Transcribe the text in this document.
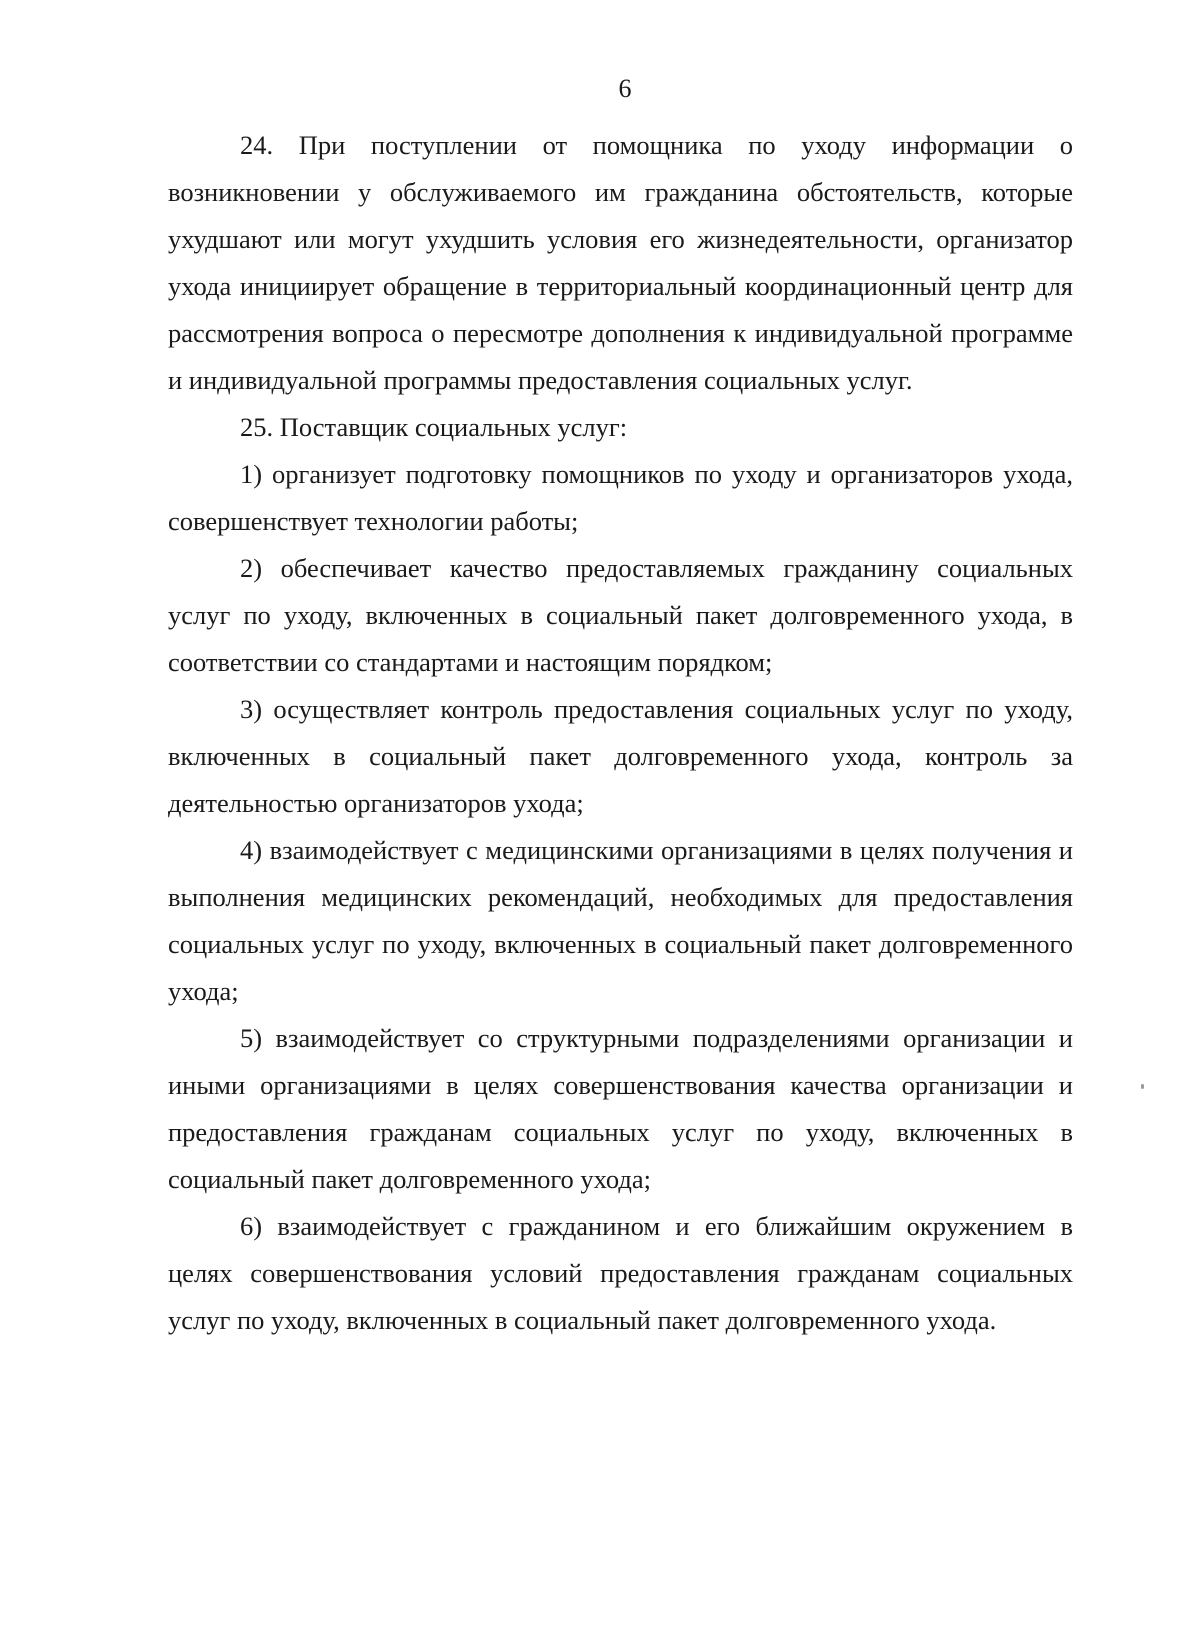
6

24. При поступлении от помощника по уходу информации о возникновении у обслуживаемого им гражданина обстоятельств, которые ухудшают или могут ухудшить условия его жизнедеятельности, организатор ухода инициирует обращение в территориальный координационный центр для рассмотрения вопроса о пересмотре дополнения к индивидуальной программе и индивидуальной программы предоставления социальных услуг.

25. Поставщик социальных услуг:

1) организует подготовку помощников по уходу и организаторов ухода, совершенствует технологии работы;

2) обеспечивает качество предоставляемых гражданину социальных услуг по уходу, включенных в социальный пакет долговременного ухода, в соответствии со стандартами и настоящим порядком;

3) осуществляет контроль предоставления социальных услуг по уходу, включенных в социальный пакет долговременного ухода, контроль за деятельностью организаторов ухода;

4) взаимодействует с медицинскими организациями в целях получения и выполнения медицинских рекомендаций, необходимых для предоставления социальных услуг по уходу, включенных в социальный пакет долговременного ухода;

5) взаимодействует со структурными подразделениями организации и иными организациями в целях совершенствования качества организации и предоставления гражданам социальных услуг по уходу, включенных в социальный пакет долговременного ухода;

6) взаимодействует с гражданином и его ближайшим окружением в целях совершенствования условий предоставления гражданам социальных услуг по уходу, включенных в социальный пакет долговременного ухода.
